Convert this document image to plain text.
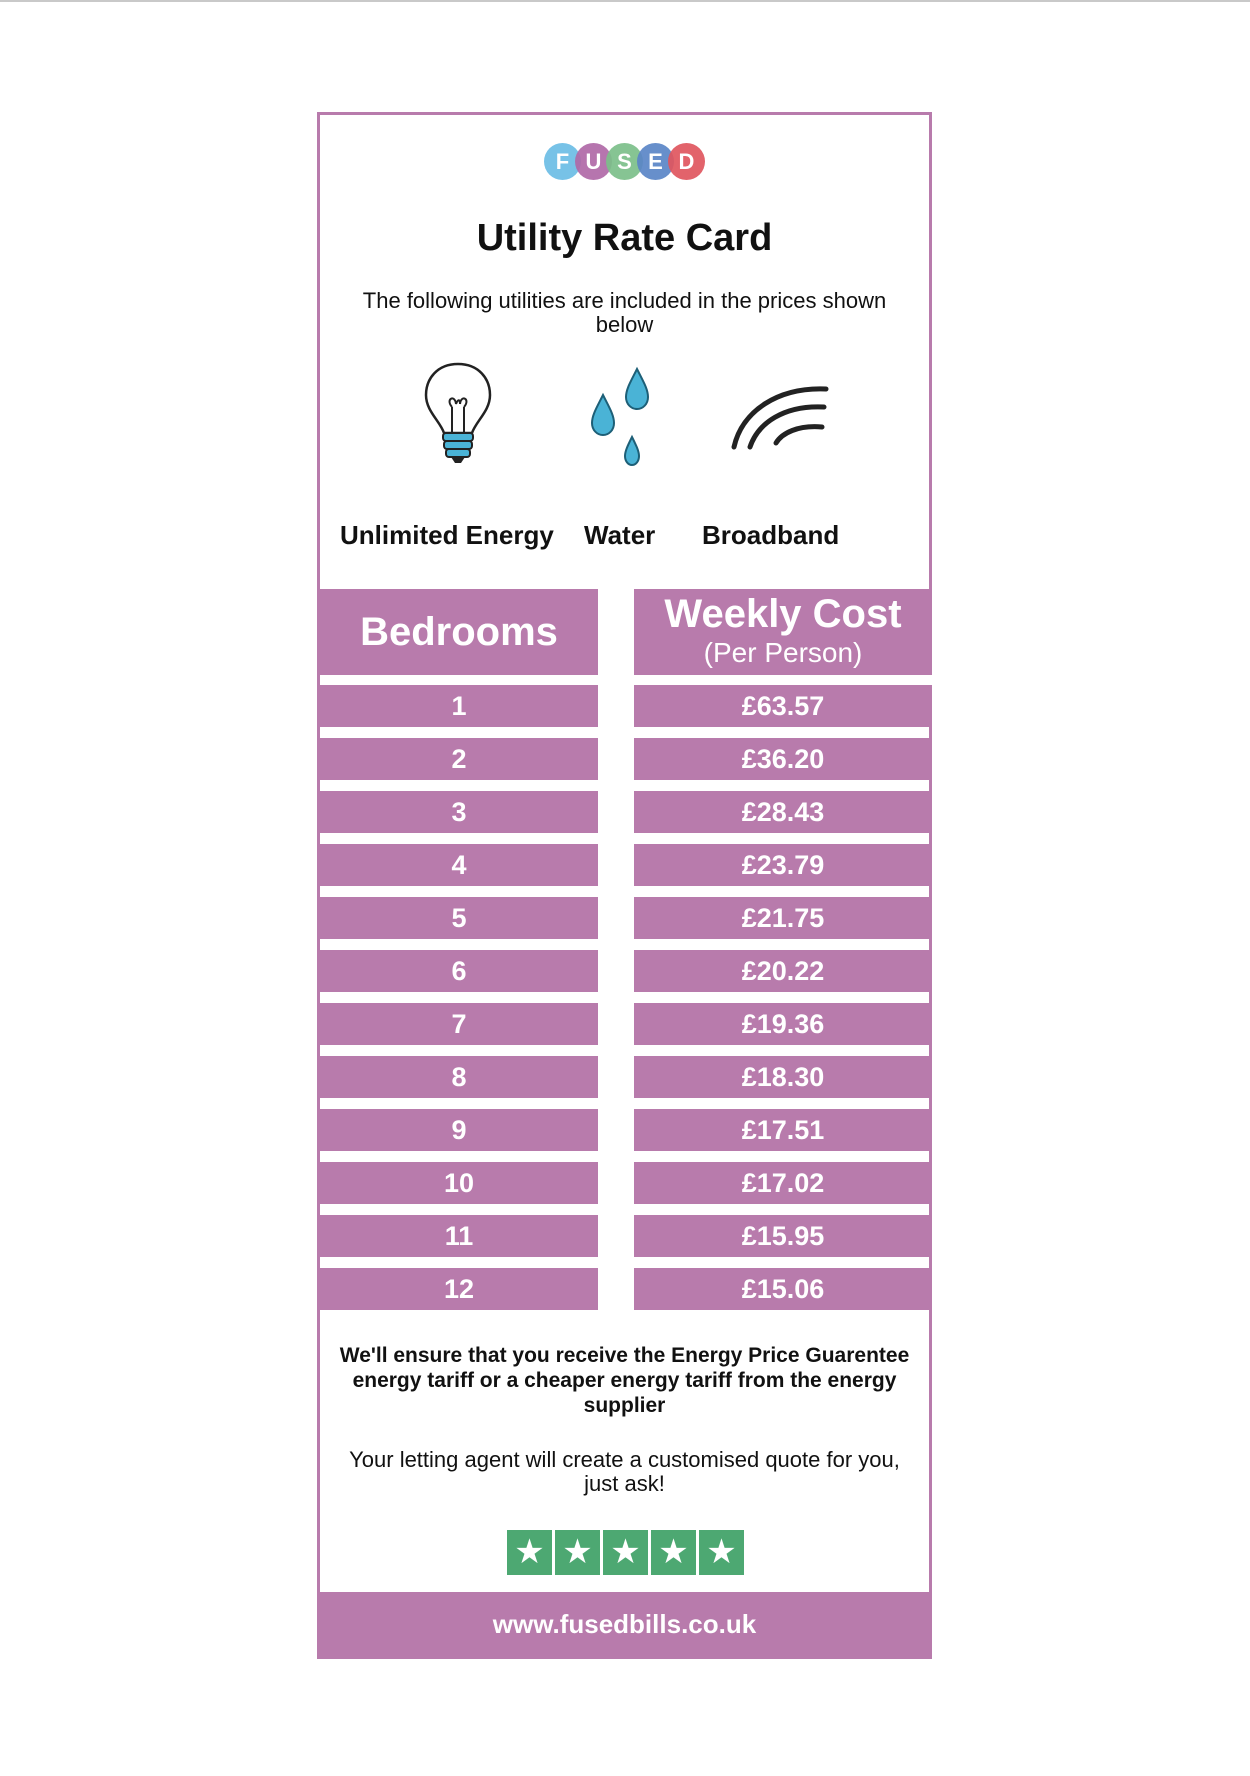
F U S E D
Utility Rate Card
The following utilities are included in the prices shown below
Unlimited Energy Water Broadband
Bedrooms	Weekly Cost
(Per Person)
1	£63.57
2	£36.20
3	£28.43
4	£23.79
5	£21.75
6	£20.22
7	£19.36
8	£18.30
9	£17.51
10	£17.02
11	£15.95
12	£15.06
We'll ensure that you receive the Energy Price Guarentee energy tariff or a cheaper energy tariff from the energy supplier
Your letting agent will create a customised quote for you, just ask!
★ ★ ★ ★ ★
www.fusedbills.co.uk
